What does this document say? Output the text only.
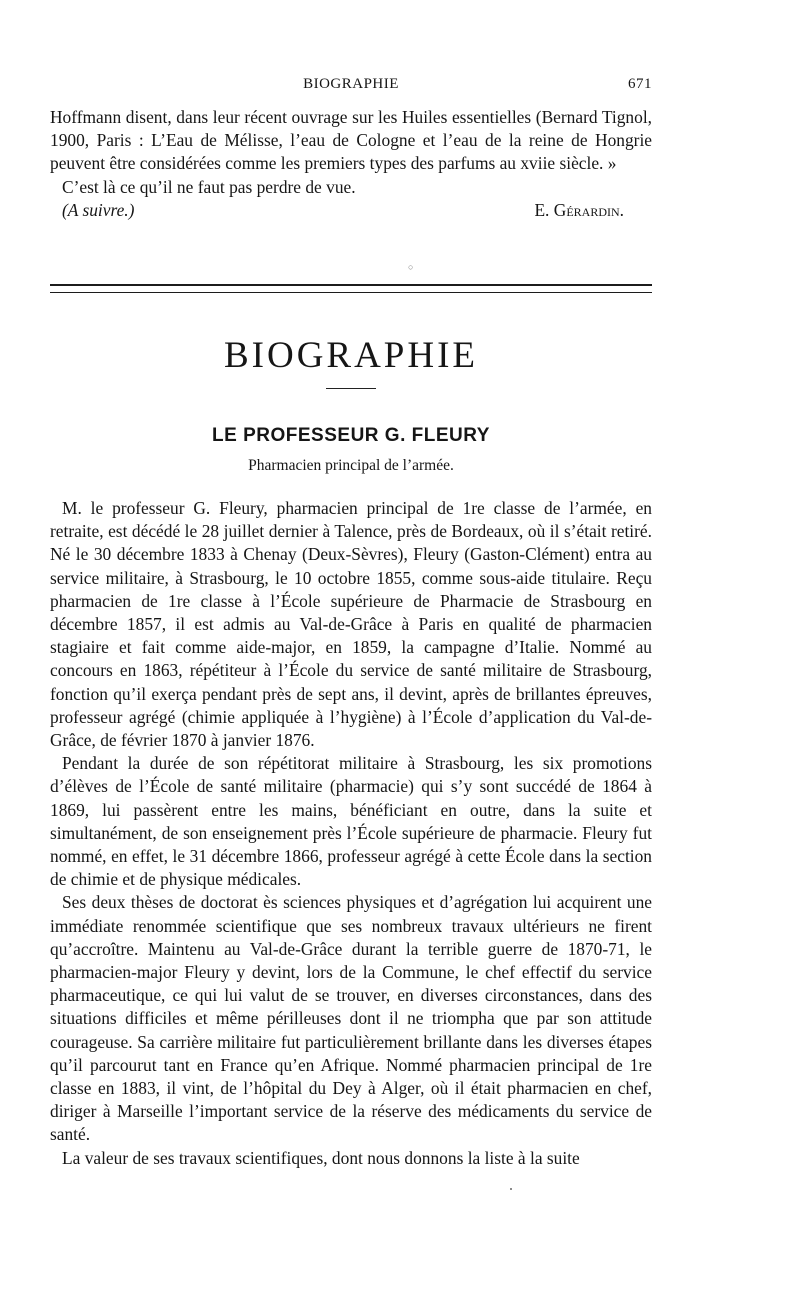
BIOGRAPHIE	671

Hoffmann disent, dans leur récent ouvrage sur les Huiles essentielles (Bernard Tignol, 1900, Paris : L’Eau de Mélisse, l’eau de Cologne et l’eau de la reine de Hongrie peuvent être considérées comme les premiers types des parfums au xviie siècle. »

C’est là ce qu’il ne faut pas perdre de vue.

(A suivre.)	E. Gérardin.
○
BIOGRAPHIE
LE PROFESSEUR G. FLEURY
Pharmacien principal de l’armée.

M. le professeur G. Fleury, pharmacien principal de 1re classe de l’armée, en retraite, est décédé le 28 juillet dernier à Talence, près de Bordeaux, où il s’était retiré. Né le 30 décembre 1833 à Chenay (Deux-Sèvres), Fleury (Gaston-Clément) entra au service militaire, à Strasbourg, le 10 octobre 1855, comme sous-aide titulaire. Reçu pharmacien de 1re classe à l’École supérieure de Pharmacie de Strasbourg en décembre 1857, il est admis au Val-de-Grâce à Paris en qualité de pharmacien stagiaire et fait comme aide-major, en 1859, la campagne d’Italie. Nommé au concours en 1863, répétiteur à l’École du service de santé militaire de Strasbourg, fonction qu’il exerça pendant près de sept ans, il devint, après de brillantes épreuves, professeur agrégé (chimie appliquée à l’hygiène) à l’École d’application du Val-de-Grâce, de février 1870 à janvier 1876.

Pendant la durée de son répétitorat militaire à Strasbourg, les six promotions d’élèves de l’École de santé militaire (pharmacie) qui s’y sont succédé de 1864 à 1869, lui passèrent entre les mains, bénéficiant en outre, dans la suite et simultanément, de son enseignement près l’École supérieure de pharmacie. Fleury fut nommé, en effet, le 31 décembre 1866, professeur agrégé à cette École dans la section de chimie et de physique médicales.

Ses deux thèses de doctorat ès sciences physiques et d’agrégation lui acquirent une immédiate renommée scientifique que ses nombreux travaux ultérieurs ne firent qu’accroître. Maintenu au Val-de-Grâce durant la terrible guerre de 1870-71, le pharmacien-major Fleury y devint, lors de la Commune, le chef effectif du service pharmaceutique, ce qui lui valut de se trouver, en diverses circonstances, dans des situations difficiles et même périlleuses dont il ne triompha que par son attitude courageuse. Sa carrière militaire fut particulièrement brillante dans les diverses étapes qu’il parcourut tant en France qu’en Afrique. Nommé pharmacien principal de 1re classe en 1883, il vint, de l’hôpital du Dey à Alger, où il était pharmacien en chef, diriger à Marseille l’important service de la réserve des médicaments du service de santé.

La valeur de ses travaux scientifiques, dont nous donnons la liste à la suite
